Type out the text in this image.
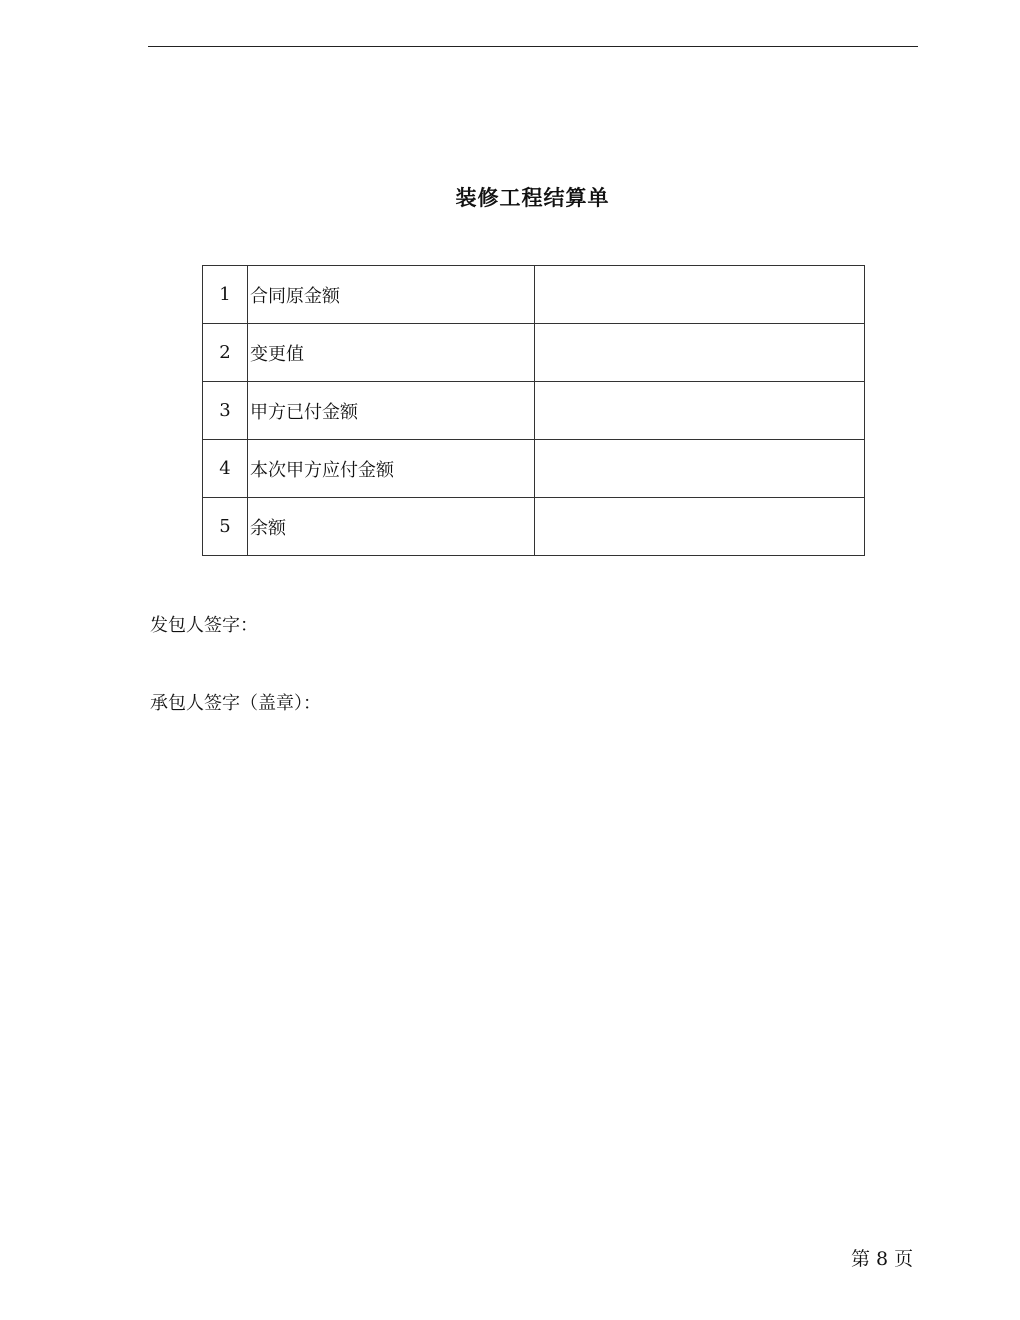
装修工程结算单
1	合同原金额	
2	变更值	
3	甲方已付金额	
4	本次甲方应付金额	
5	余额	
发包人签字：
承包人签字（盖章）：
第 8 页
